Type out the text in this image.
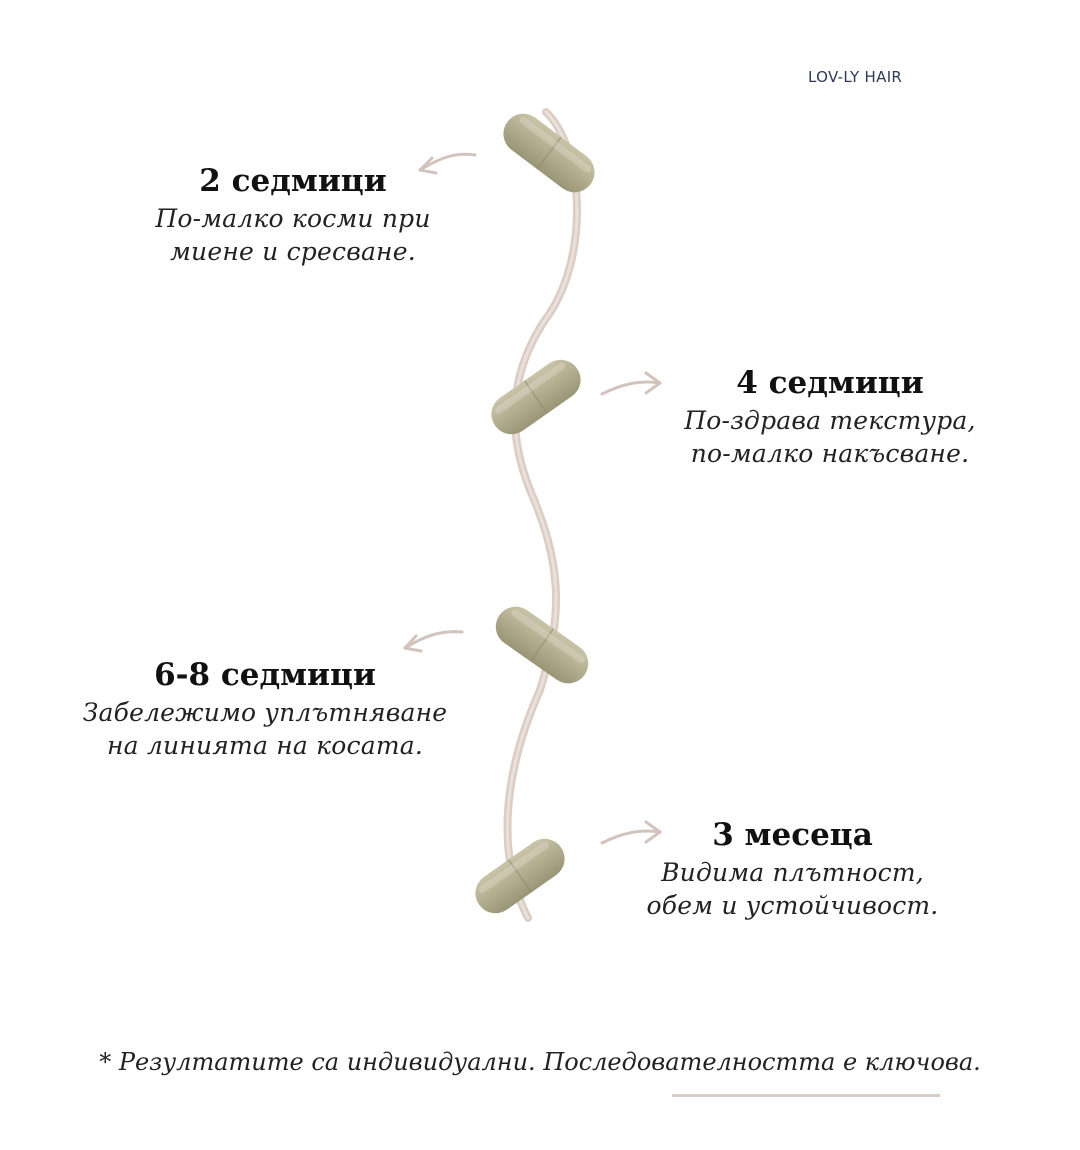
LOV-LY HAIR
2 седмици
По-малко косми при
миене и сресване.
4 седмици
По-здрава текстура,
по-малко накъсване.
6-8 седмици
Забележимо уплътняване
на линията на косата.
3 месеца
Видима плътност,
обем и устойчивост.
* Резултатите са индивидуални. Последователността е ключова.
